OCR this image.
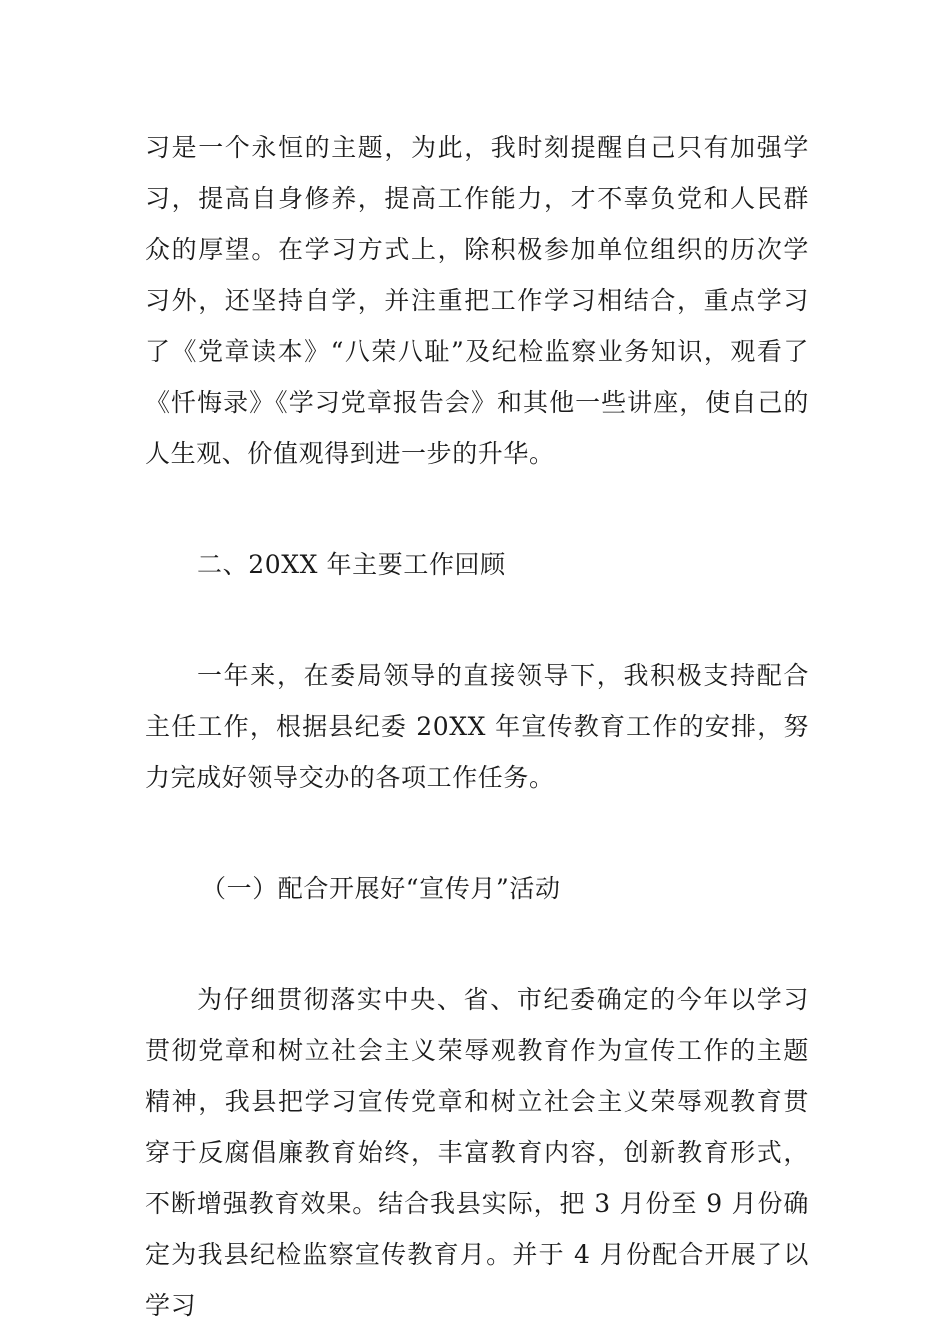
习是一个永恒的主题，为此，我时刻提醒自己只有加强学习，提高自身修养，提高工作能力，才不辜负党和人民群众的厚望。在学习方式上，除积极参加单位组织的历次学习外，还坚持自学，并注重把工作学习相结合，重点学习了《党章读本》“八荣八耻”及纪检监察业务知识，观看了《忏悔录》《学习党章报告会》和其他一些讲座，使自己的人生观、价值观得到进一步的升华。

二、20XX 年主要工作回顾

一年来，在委局领导的直接领导下，我积极支持配合主任工作，根据县纪委 20XX 年宣传教育工作的安排，努力完成好领导交办的各项工作任务。

（一）配合开展好“宣传月”活动

为仔细贯彻落实中央、省、市纪委确定的今年以学习贯彻党章和树立社会主义荣辱观教育作为宣传工作的主题精神，我县把学习宣传党章和树立社会主义荣辱观教育贯穿于反腐倡廉教育始终，丰富教育内容，创新教育形式，不断增强教育效果。结合我县实际，把 3 月份至 9 月份确定为我县纪检监察宣传教育月。并于 4 月份配合开展了以学习
